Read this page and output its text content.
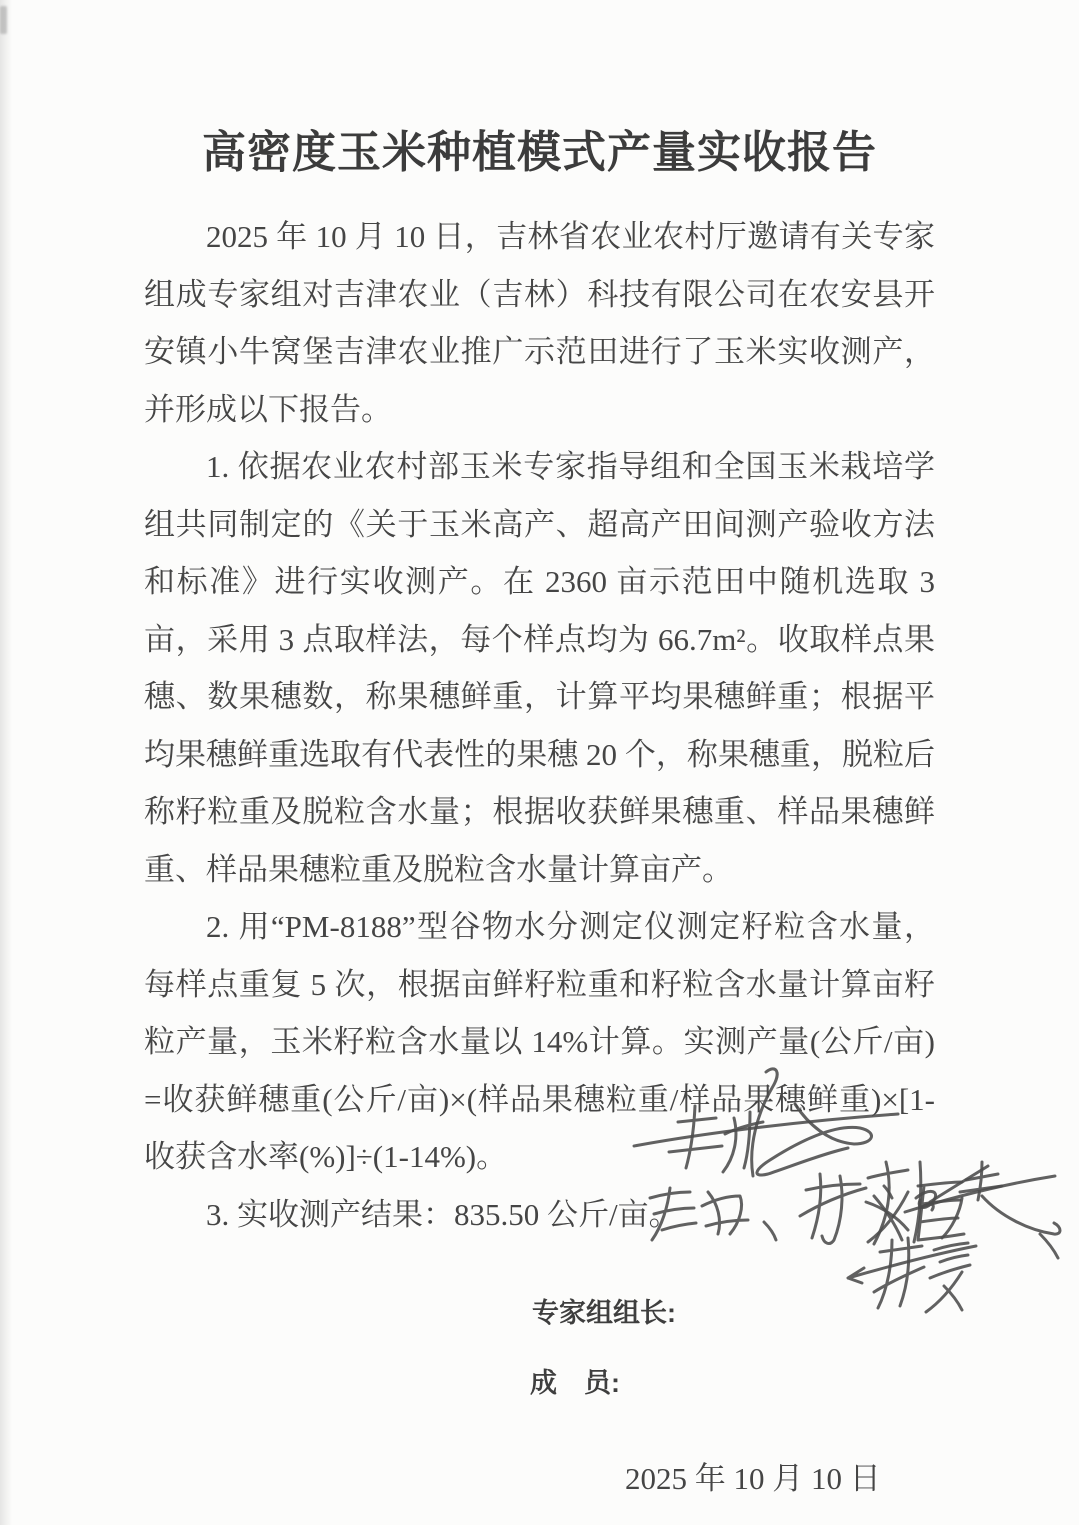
高密度玉米种植模式产量实收报告

2025 年 10 月 10 日，吉林省农业农村厅邀请有关专家组成专家组对吉津农业（吉林）科技有限公司在农安县开安镇小牛窝堡吉津农业推广示范田进行了玉米实收测产，并形成以下报告。

1. 依据农业农村部玉米专家指导组和全国玉米栽培学组共同制定的《关于玉米高产、超高产田间测产验收方法和标准》进行实收测产。在 2360 亩示范田中随机选取 3 亩，采用 3 点取样法，每个样点均为 66.7m²。收取样点果穗、数果穗数，称果穗鲜重，计算平均果穗鲜重；根据平均果穗鲜重选取有代表性的果穗 20 个，称果穗重，脱粒后称籽粒重及脱粒含水量；根据收获鲜果穗重、样品果穗鲜重、样品果穗粒重及脱粒含水量计算亩产。

2. 用“PM-8188”型谷物水分测定仪测定籽粒含水量，每样点重复 5 次，根据亩鲜籽粒重和籽粒含水量计算亩籽粒产量，玉米籽粒含水量以 14%计算。实测产量(公斤/亩)=收获鲜穗重(公斤/亩)×(样品果穗粒重/样品果穗鲜重)×[1-收获含水率(%)]÷(1-14%)。

3. 实收测产结果：835.50 公斤/亩。

专家组组长:
成　员:
2025 年 10 月 10 日
